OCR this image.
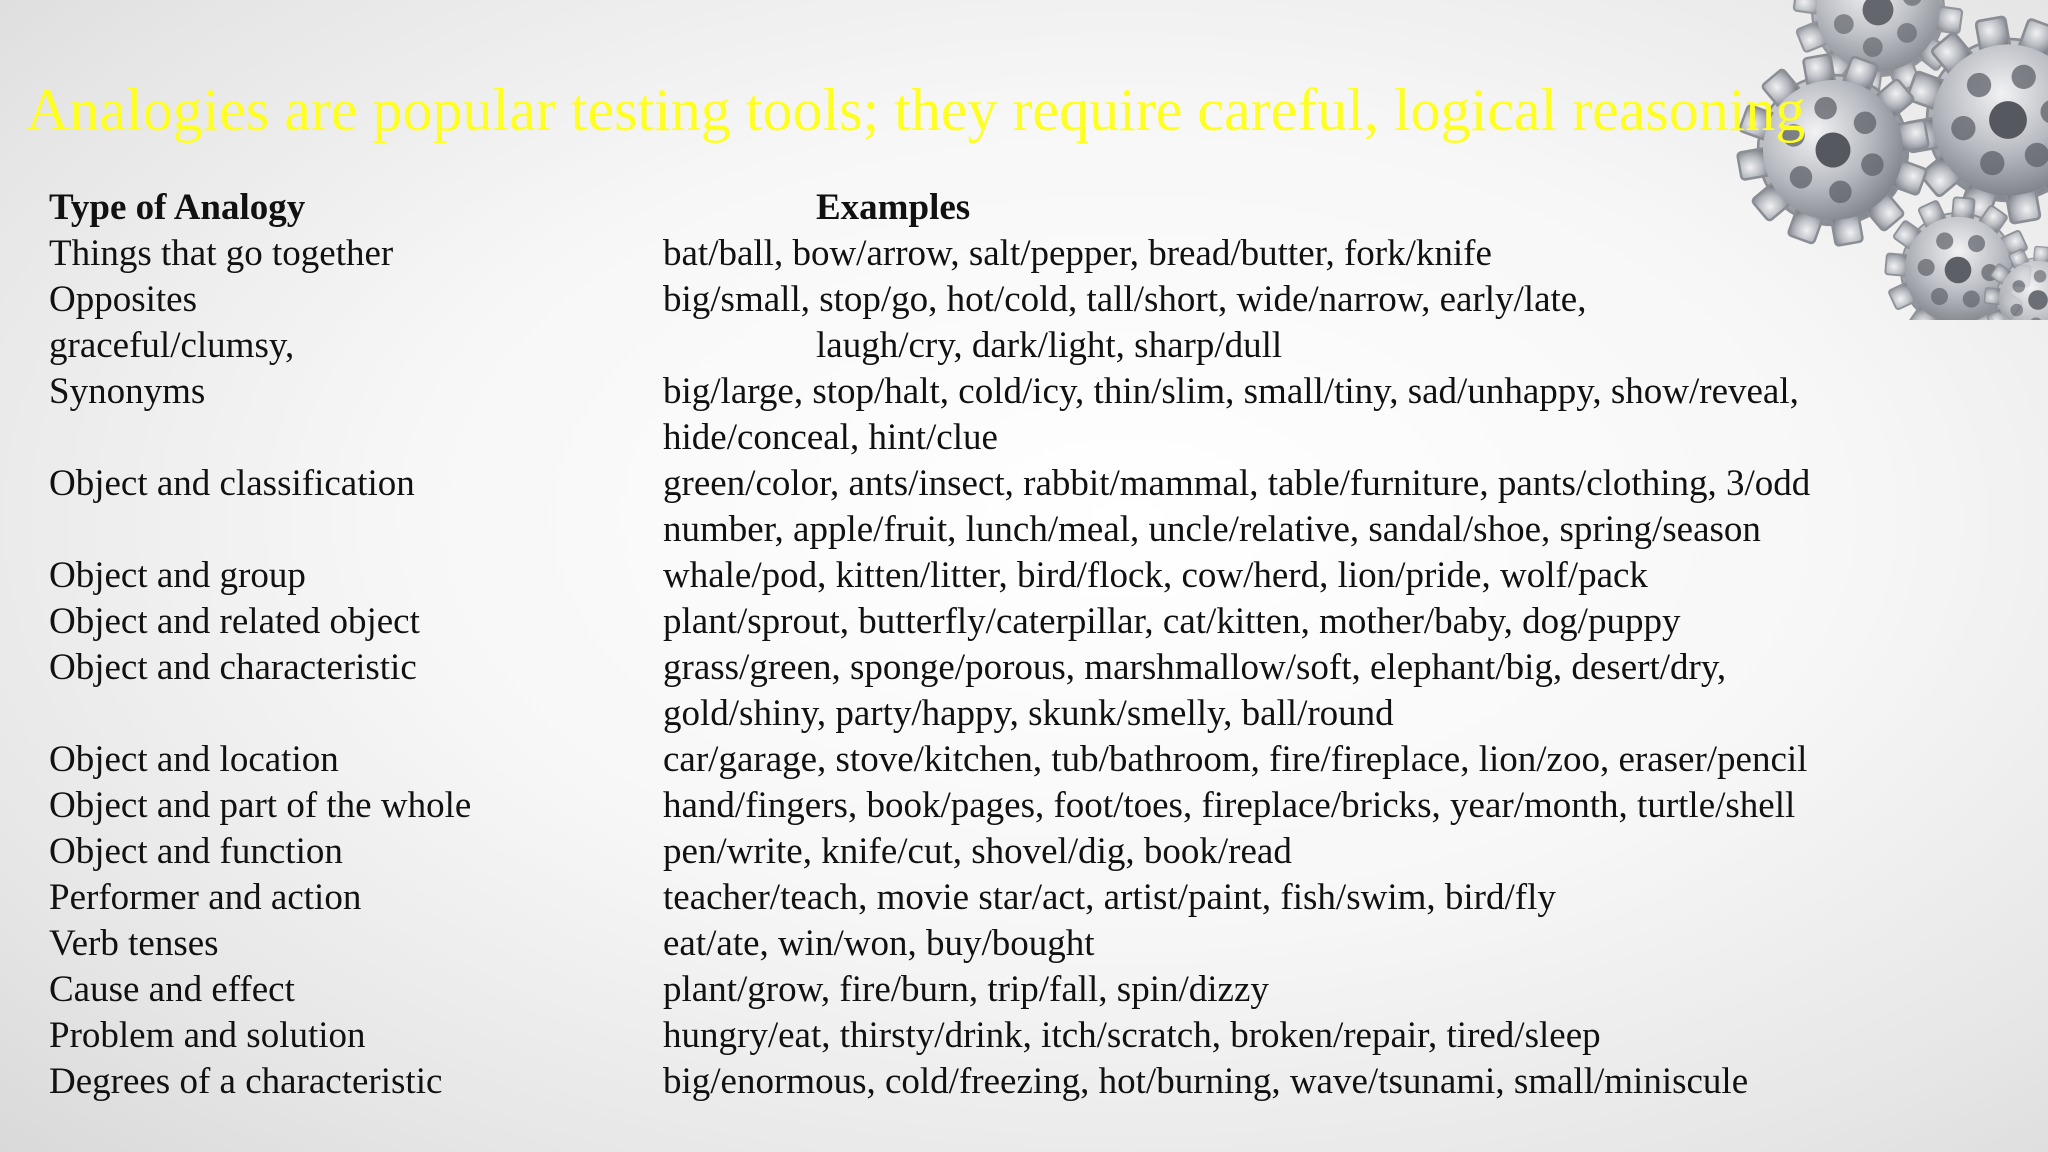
Analogies are popular testing tools; they require careful, logical reasoning
Type of Analogy	Examples
Things that go together	bat/ball, bow/arrow, salt/pepper, bread/butter, fork/knife
Opposites	big/small, stop/go, hot/cold, tall/short, wide/narrow, early/late,
graceful/clumsy,	laugh/cry, dark/light, sharp/dull
Synonyms	big/large, stop/halt, cold/icy, thin/slim, small/tiny, sad/unhappy, show/reveal,
hide/conceal, hint/clue
Object and classification	green/color, ants/insect, rabbit/mammal, table/furniture, pants/clothing, 3/odd
number, apple/fruit, lunch/meal, uncle/relative, sandal/shoe, spring/season
Object and group	whale/pod, kitten/litter, bird/flock, cow/herd, lion/pride, wolf/pack
Object and related object	plant/sprout, butterfly/caterpillar, cat/kitten, mother/baby, dog/puppy
Object and characteristic	grass/green, sponge/porous, marshmallow/soft, elephant/big, desert/dry,
gold/shiny, party/happy, skunk/smelly, ball/round
Object and location	car/garage, stove/kitchen, tub/bathroom, fire/fireplace, lion/zoo, eraser/pencil
Object and part of the whole	hand/fingers, book/pages, foot/toes, fireplace/bricks, year/month, turtle/shell
Object and function	pen/write, knife/cut, shovel/dig, book/read
Performer and action	teacher/teach, movie star/act, artist/paint, fish/swim, bird/fly
Verb tenses	eat/ate, win/won, buy/bought
Cause and effect	plant/grow, fire/burn, trip/fall, spin/dizzy
Problem and solution	hungry/eat, thirsty/drink, itch/scratch, broken/repair, tired/sleep
Degrees of a characteristic	big/enormous, cold/freezing, hot/burning, wave/tsunami, small/miniscule
